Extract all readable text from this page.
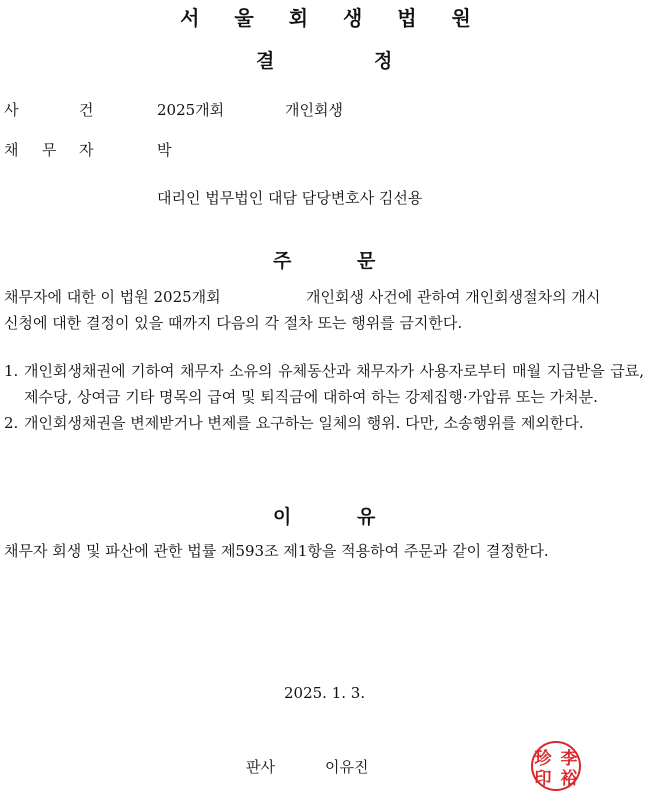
서 울 회 생 법 원
결	정
사	건	2025개회	개인회생
채 무 자	박
대리인 법무법인 대담 담당변호사 김선용
주	문
채무자에 대한 이 법원 2025개회	개인회생 사건에 관하여 개인회생절차의 개시
신청에 대한 결정이 있을 때까지 다음의 각 절차 또는 행위를 금지한다.
1. 개인회생채권에 기하여 채무자 소유의 유체동산과 채무자가 사용자로부터 매월 지급받을 급료, 제수당, 상여금 기타 명목의 급여 및 퇴직금에 대하여 하는 강제집행·가압류 또는 가처분.
2. 개인회생채권을 변제받거나 변제를 요구하는 일체의 행위. 다만, 소송행위를 제외한다.
이	유
채무자 회생 및 파산에 관한 법률 제593조 제1항을 적용하여 주문과 같이 결정한다.
2025. 1. 3.
판사	이유진	珍 李
印 裕
